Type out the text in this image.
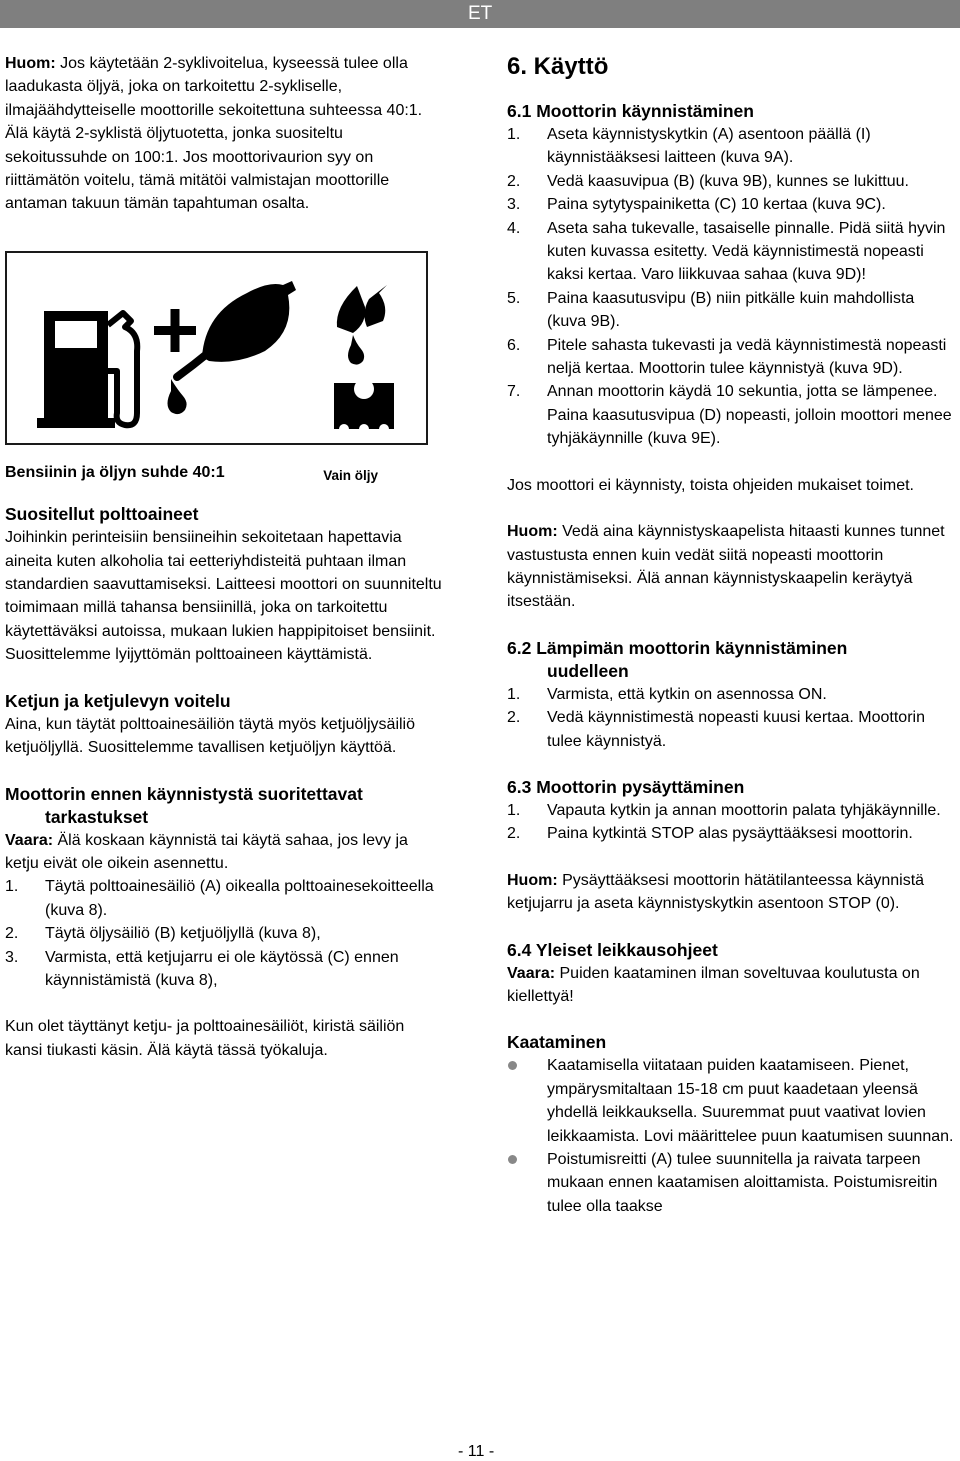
ET

Huom: Jos käytetään 2-syklivoitelua, kyseessä tulee olla laadukasta öljyä, joka on tarkoitettu 2-sykliselle, ilmajäähdytteiselle moottorille sekoitettuna suhteessa 40:1. Älä käytä 2-syklistä öljytuotetta, jonka suositeltu sekoitussuhde on 100:1. Jos moottorivaurion syy on riittämätön voitelu, tämä mitätöi valmistajan moottorille antaman takuun tämän tapahtuman osalta.

Bensiinin ja öljyn suhde 40:1	Vain öljy

Suositellut polttoaineet

Joihinkin perinteisiin bensiineihin sekoitetaan hapettavia aineita kuten alkoholia tai eetteriyhdisteitä puhtaan ilman standardien saavuttamiseksi. Laitteesi moottori on suunniteltu toimimaan millä tahansa bensiinillä, joka on tarkoitettu käytettäväksi autoissa, mukaan lukien happipitoiset bensiinit. Suosittelemme lyijyttömän polttoaineen käyttämistä.

Ketjun ja ketjulevyn voitelu

Aina, kun täytät polttoainesäiliön täytä myös ketjuöljysäiliö ketjuöljyllä. Suosittelemme tavallisen ketjuöljyn käyttöä.

Moottorin ennen käynnistystä suoritettavat
tarkastukset

Vaara: Älä koskaan käynnistä tai käytä sahaa, jos levy ja ketju eivät ole oikein asennettu.

1. Täytä polttoainesäiliö (A) oikealla polttoainesekoitteella (kuva 8).
2. Täytä öljysäiliö (B) ketjuöljyllä (kuva 8),
3. Varmista, että ketjujarru ei ole käytössä (C) ennen käynnistämistä (kuva 8),

Kun olet täyttänyt ketju- ja polttoainesäiliöt, kiristä säiliön kansi tiukasti käsin. Älä käytä tässä työkaluja.

6. Käyttö

6.1 Moottorin käynnistäminen

1. Aseta käynnistyskytkin (A) asentoon päällä (I) käynnistääksesi laitteen (kuva 9A).
2. Vedä kaasuvipua (B) (kuva 9B), kunnes se lukittuu.
3. Paina sytytyspainiketta (C) 10 kertaa (kuva 9C).
4. Aseta saha tukevalle, tasaiselle pinnalle. Pidä siitä hyvin kuten kuvassa esitetty. Vedä käynnistimestä nopeasti kaksi kertaa. Varo liikkuvaa sahaa (kuva 9D)!
5. Paina kaasutusvipu (B) niin pitkälle kuin mahdollista (kuva 9B).
6. Pitele sahasta tukevasti ja vedä käynnistimestä nopeasti neljä kertaa. Moottorin tulee käynnistyä (kuva 9D).
7. Annan moottorin käydä 10 sekuntia, jotta se lämpenee. Paina kaasutusvipua (D) nopeasti, jolloin moottori menee tyhjäkäynnille (kuva 9E).

Jos moottori ei käynnisty, toista ohjeiden mukaiset toimet.

Huom: Vedä aina käynnistyskaapelista hitaasti kunnes tunnet vastustusta ennen kuin vedät siitä nopeasti moottorin käynnistämiseksi. Älä annan käynnistyskaapelin keräytyä itsestään.

6.2 Lämpimän moottorin käynnistäminen
uudelleen

1. Varmista, että kytkin on asennossa ON.
2. Vedä käynnistimestä nopeasti kuusi kertaa. Moottorin tulee käynnistyä.

6.3 Moottorin pysäyttäminen

1. Vapauta kytkin ja annan moottorin palata tyhjäkäynnille.
2. Paina kytkintä STOP alas pysäyttääksesi moottorin.

Huom: Pysäyttääksesi moottorin hätätilanteessa käynnistä ketjujarru ja aseta käynnistyskytkin asentoon STOP (0).

6.4 Yleiset leikkausohjeet

Vaara: Puiden kaataminen ilman soveltuvaa koulutusta on kiellettyä!

Kaataminen

Kaatamisella viitataan puiden kaatamiseen. Pienet, ympärysmitaltaan 15-18 cm puut kaadetaan yleensä yhdellä leikkauksella. Suuremmat puut vaativat lovien leikkaamista. Lovi määrittelee puun kaatumisen suunnan.
Poistumisreitti (A) tulee suunnitella ja raivata tarpeen mukaan ennen kaatamisen aloittamista. Poistumisreitin tulee olla taakse
- 11 -
